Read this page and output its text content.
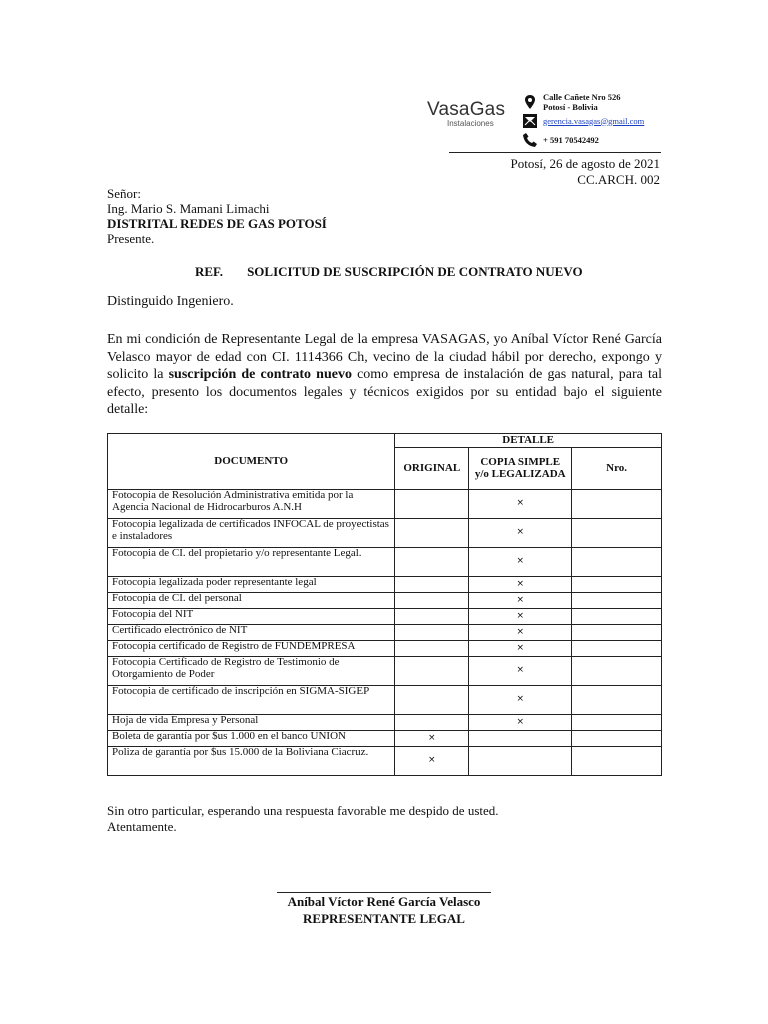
VasaGas
Instalaciones
Calle Cañete Nro 526
Potosí - Bolivia
gerencia.vasagas@gmail.com
+ 591 70542492
Potosí, 26 de agosto de 2021
CC.ARCH. 002
Señor:
Ing. Mario S. Mamani Limachi
DISTRITAL REDES DE GAS POTOSÍ
Presente.
REF. SOLICITUD DE SUSCRIPCIÓN DE CONTRATO NUEVO
Distinguido Ingeniero.
En mi condición de Representante Legal de la empresa VASAGAS, yo Aníbal Víctor René García Velasco mayor de edad con CI. 1114366 Ch, vecino de la ciudad hábil por derecho, expongo y solicito la suscripción de contrato nuevo como empresa de instalación de gas natural, para tal efecto, presento los documentos legales y técnicos exigidos por su entidad bajo el siguiente detalle:
DOCUMENTO	DETALLE		
	ORIGINAL	COPIA SIMPLE y/o LEGALIZADA	Nro.
Fotocopia de Resolución Administrativa emitida por la Agencia Nacional de Hidrocarburos A.N.H		×	
Fotocopia legalizada de certificados INFOCAL de proyectistas e instaladores		×	
Fotocopia de CI. del propietario y/o representante Legal.		×	
Fotocopia legalizada poder representante legal		×	
Fotocopia de CI. del personal		×	
Fotocopia del NIT		×	
Certificado electrónico de NIT		×	
Fotocopia certificado de Registro de FUNDEMPRESA		×	
Fotocopia Certificado de Registro de Testimonio de Otorgamiento de Poder		×	
Fotocopia de certificado de inscripción en SIGMA-SIGEP		×	
Hoja de vida Empresa y Personal		×	
Boleta de garantía por $us 1.000 en el banco UNION	×		
Poliza de garantía por $us 15.000 de la Boliviana Ciacruz.	×		
Sin otro particular, esperando una respuesta favorable me despido de usted.
Atentamente.
Aníbal Víctor René García Velasco
REPRESENTANTE LEGAL
